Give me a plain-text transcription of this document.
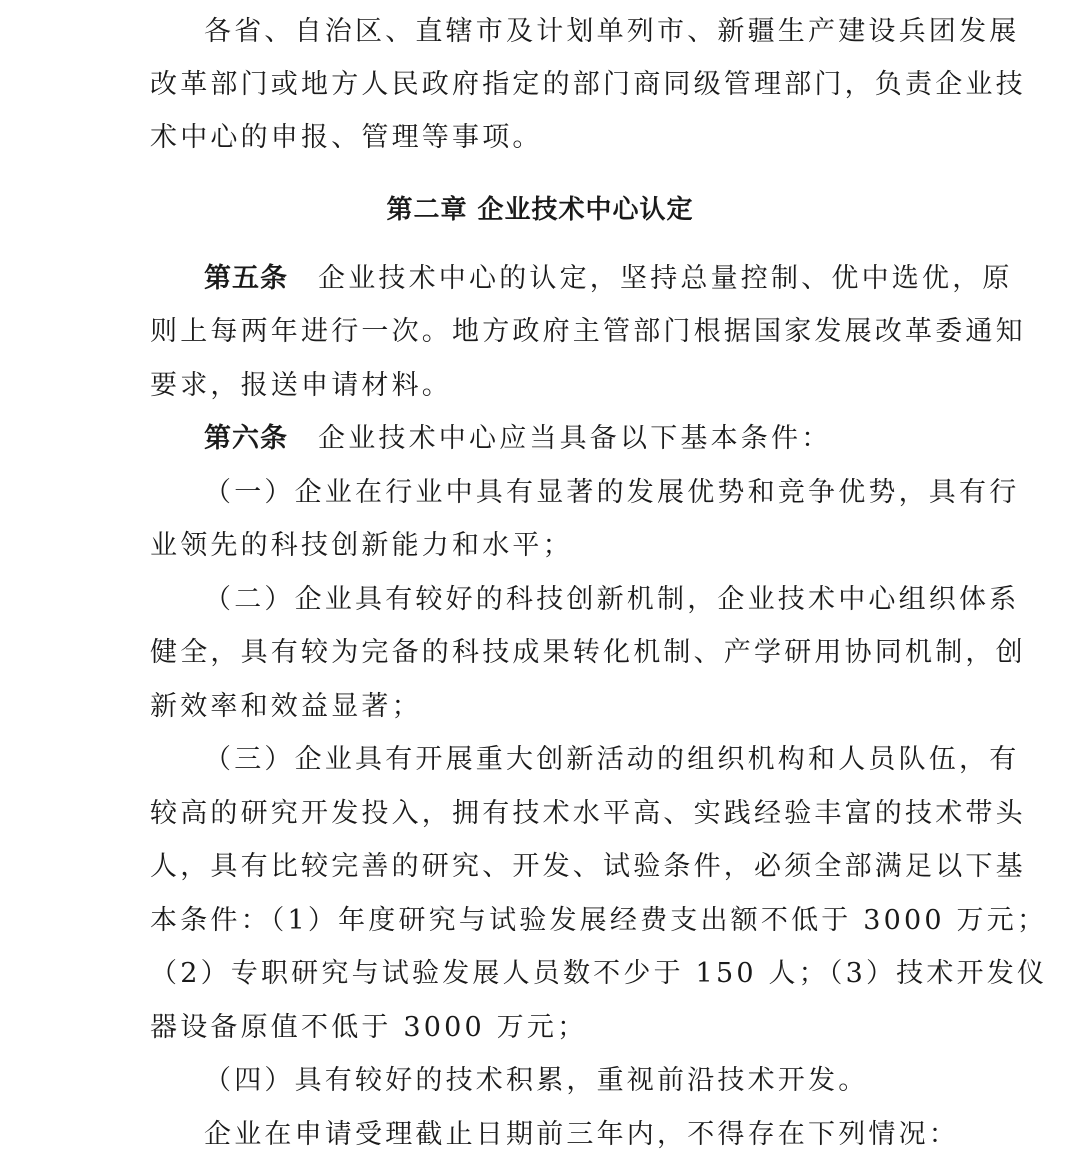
各省、自治区、直辖市及计划单列市、新疆生产建设兵团发展
改革部门或地方人民政府指定的部门商同级管理部门，负责企业技
术中心的申报、管理等事项。
第二章 企业技术中心认定
第五条 企业技术中心的认定，坚持总量控制、优中选优，原
则上每两年进行一次。地方政府主管部门根据国家发展改革委通知
要求，报送申请材料。
第六条 企业技术中心应当具备以下基本条件：
（一）企业在行业中具有显著的发展优势和竞争优势，具有行
业领先的科技创新能力和水平；
（二）企业具有较好的科技创新机制，企业技术中心组织体系
健全，具有较为完备的科技成果转化机制、产学研用协同机制，创
新效率和效益显著；
（三）企业具有开展重大创新活动的组织机构和人员队伍，有
较高的研究开发投入，拥有技术水平高、实践经验丰富的技术带头
人，具有比较完善的研究、开发、试验条件，必须全部满足以下基
本条件：（1）年度研究与试验发展经费支出额不低于 3000 万元；
（2）专职研究与试验发展人员数不少于 150 人；（3）技术开发仪
器设备原值不低于 3000 万元；
（四）具有较好的技术积累，重视前沿技术开发。
企业在申请受理截止日期前三年内，不得存在下列情况：
